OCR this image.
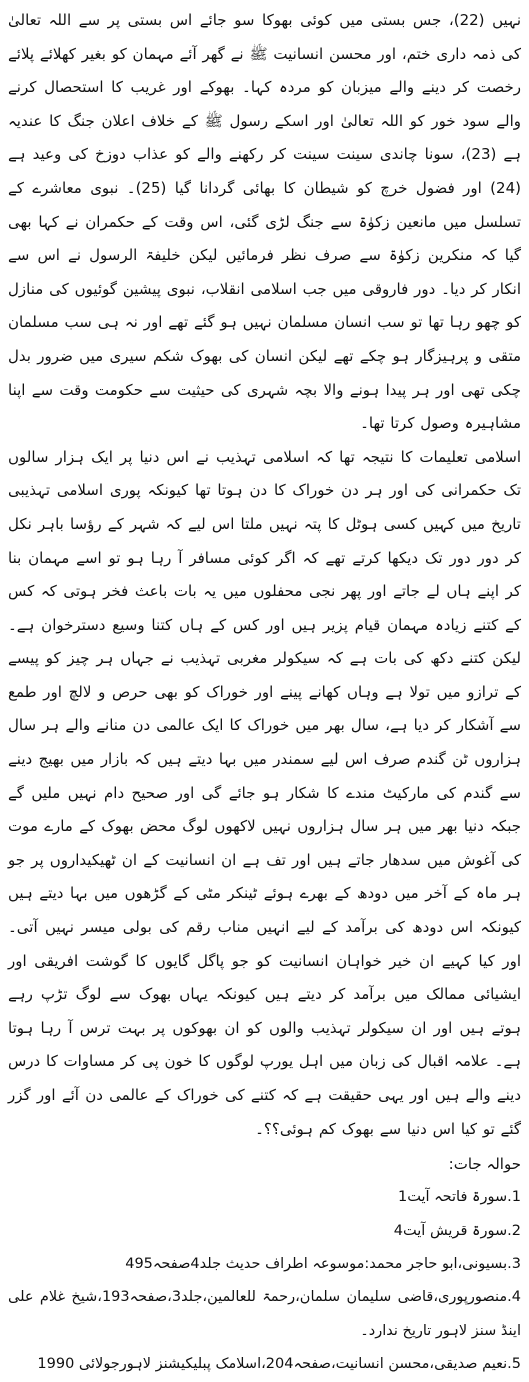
نہیں (22)، جس بستی میں کوئی بھوکا سو جائے اس بستی پر سے اللہ تعالیٰ کی ذمہ داری ختم، اور محسن انسانیت ﷺ نے گھر آئے مہمان کو بغیر کھلائے پلائے رخصت کر دینے والے میزبان کو مردہ کہا۔ بھوکے اور غریب کا استحصال کرنے والے سود خور کو اللہ تعالیٰ اور اسکے رسول ﷺ کے خلاف اعلان جنگ کا عندیہ ہے (23)، سونا چاندی سینت سینت کر رکھنے والے کو عذاب دوزخ کی وعید ہے (24) اور فضول خرچ کو شیطان کا بھائی گردانا گیا (25)۔ نبوی معاشرے کے تسلسل میں مانعین زکوٰۃ سے جنگ لڑی گئی، اس وقت کے حکمران نے کہا بھی گیا کہ منکرین زکوٰۃ سے صرف نظر فرمائیں لیکن خلیفۃ الرسول نے اس سے انکار کر دیا۔ دور فاروقی میں جب اسلامی انقلاب، نبوی پیشین گوئیوں کی منازل کو چھو رہا تھا تو سب انسان مسلمان نہیں ہو گئے تھے اور نہ ہی سب مسلمان متقی و پرہیزگار ہو چکے تھے لیکن انسان کی بھوک شکم سیری میں ضرور بدل چکی تھی اور ہر پیدا ہونے والا بچہ شہری کی حیثیت سے حکومت وقت سے اپنا مشاہیرہ وصول کرتا تھا۔

اسلامی تعلیمات کا نتیجہ تھا کہ اسلامی تہذیب نے اس دنیا پر ایک ہزار سالوں تک حکمرانی کی اور ہر دن خوراک کا دن ہوتا تھا کیونکہ پوری اسلامی تہذیبی تاریخ میں کہیں کسی ہوٹل کا پتہ نہیں ملتا اس لیے کہ شہر کے رؤسا باہر نکل کر دور دور تک دیکھا کرتے تھے کہ اگر کوئی مسافر آ رہا ہو تو اسے مہمان بنا کر اپنے ہاں لے جاتے اور پھر نجی محفلوں میں یہ بات باعث فخر ہوتی کہ کس کے کتنے زیادہ مہمان قیام پزیر ہیں اور کس کے ہاں کتنا وسیع دسترخوان ہے۔ لیکن کتنے دکھ کی بات ہے کہ سیکولر مغربی تہذیب نے جہاں ہر چیز کو پیسے کے ترازو میں تولا ہے وہاں کھانے پینے اور خوراک کو بھی حرص و لالچ اور طمع سے آشکار کر دیا ہے، سال بھر میں خوراک کا ایک عالمی دن منانے والے ہر سال ہزاروں ٹن گندم صرف اس لیے سمندر میں بہا دیتے ہیں کہ بازار میں بھیج دینے سے گندم کی مارکیٹ مندے کا شکار ہو جائے گی اور صحیح دام نہیں ملیں گے جبکہ دنیا بھر میں ہر سال ہزاروں نہیں لاکھوں لوگ محض بھوک کے مارے موت کی آغوش میں سدھار جاتے ہیں اور تف ہے ان انسانیت کے ان ٹھیکیداروں پر جو ہر ماہ کے آخر میں دودھ کے بھرے ہوئے ٹینکر مٹی کے گڑھوں میں بہا دیتے ہیں کیونکہ اس دودھ کی برآمد کے لیے انہیں مناب رقم کی بولی میسر نہیں آتی۔ اور کیا کہیے ان خیر خواہان انسانیت کو جو پاگل گایوں کا گوشت افریقی اور ایشیائی ممالک میں برآمد کر دیتے ہیں کیونکہ یہاں بھوک سے لوگ تڑپ رہے ہوتے ہیں اور ان سیکولر تہذیب والوں کو ان بھوکوں پر بہت ترس آ رہا ہوتا ہے۔ علامہ اقبال کی زبان میں اہل یورپ لوگوں کا خون پی کر مساوات کا درس دینے والے ہیں اور یہی حقیقت ہے کہ کتنے کی خوراک کے عالمی دن آئے اور گزر گئے تو کیا اس دنیا سے بھوک کم ہوئی؟؟۔

حوالہ جات:

1.سورۃ فاتحہ آیت1
2.سورۃ قریش آیت4
3.بسیونی،ابو حاجر محمد:موسوعہ اطراف حدیث جلد4صفحہ495
4.منصورپوری،قاضی سلیمان سلمان،رحمۃ للعالمین،جلد3،صفحہ193،شیخ غلام علی اینڈ سنز لاہور تاریخ ندارد۔
5.نعیم صدیقی،محسن انسانیت،صفحہ204،اسلامک پبلیکیشنز لاہورجولائی 1990
